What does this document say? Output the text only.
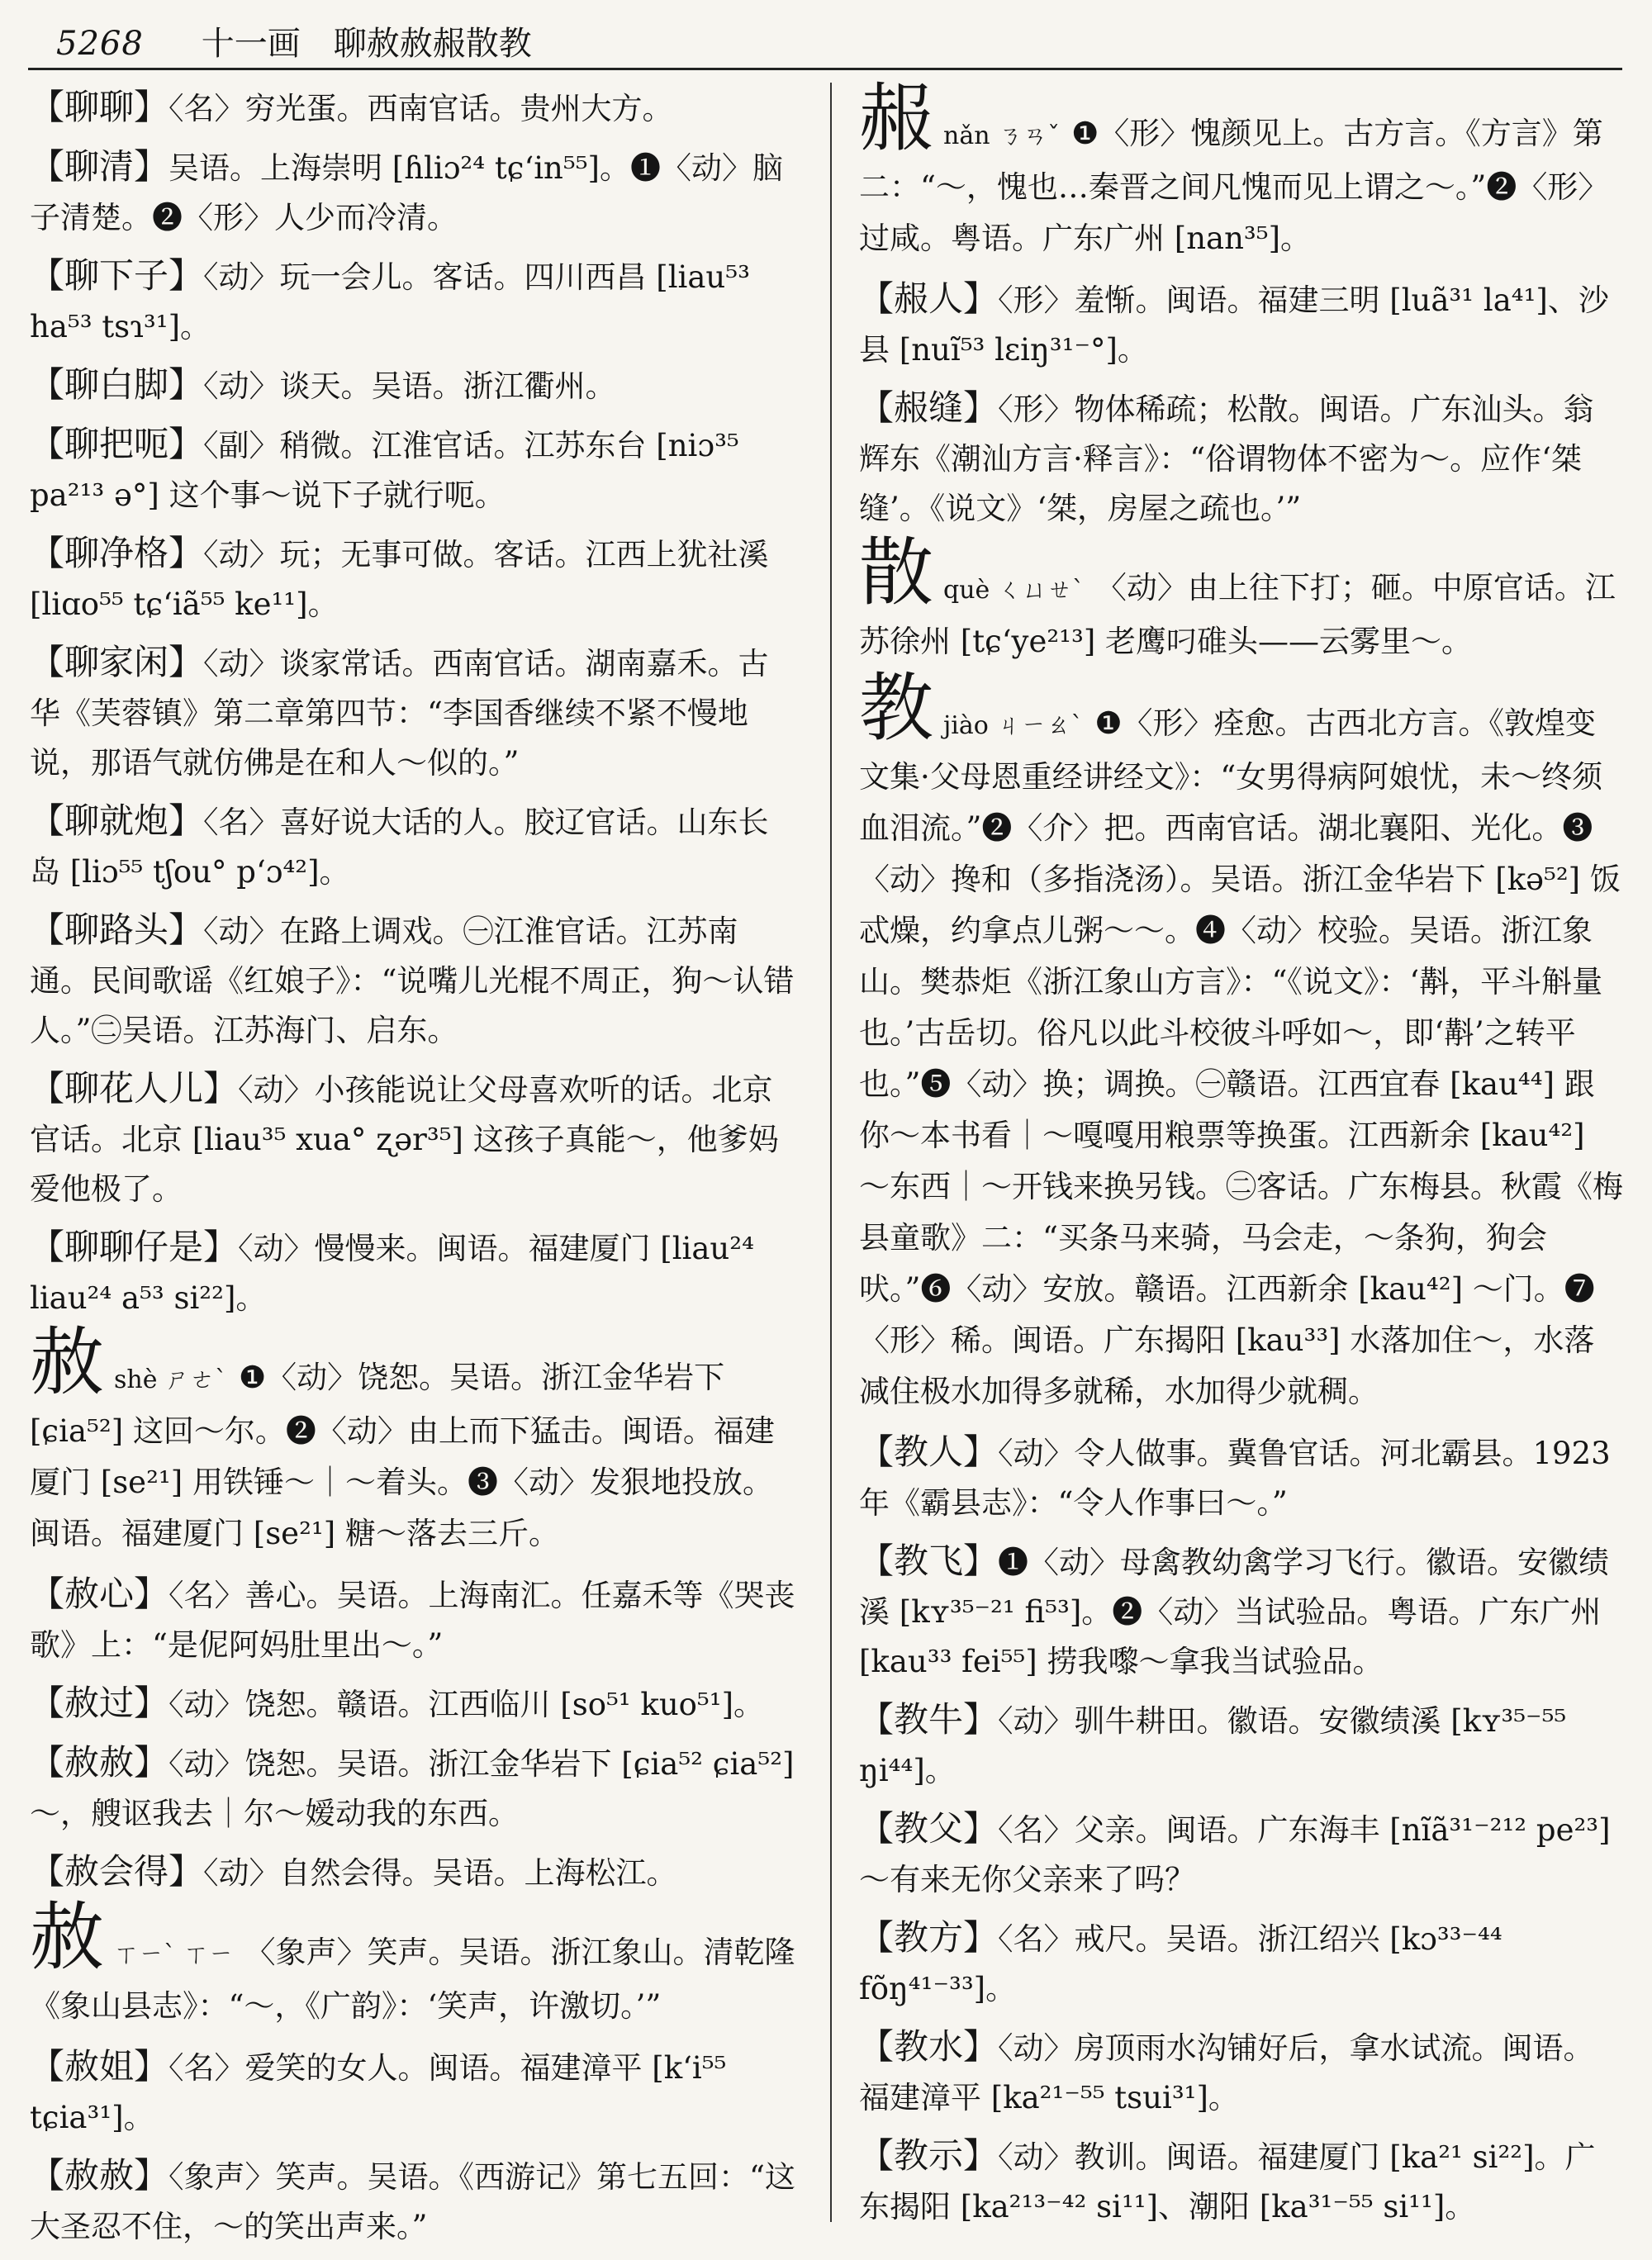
5268 十一画 聊赦赦赧散教
【聊聊】〈名〉穷光蛋。西南官话。贵州大方。
【聊清】吴语。上海崇明 [ɦliɔ²⁴ tɕʻin⁵⁵]。❶〈动〉脑子清楚。❷〈形〉人少而冷清。
【聊下子】〈动〉玩一会儿。客话。四川西昌 [liau⁵³ ha⁵³ tsɿ³¹]。
【聊白脚】〈动〉谈天。吴语。浙江衢州。
【聊把呃】〈副〉稍微。江淮官话。江苏东台 [niɔ³⁵ pa²¹³ ə°] 这个事～说下子就行呃。
【聊净格】〈动〉玩；无事可做。客话。江西上犹社溪 [liɑo⁵⁵ tɕʻiã⁵⁵ ke¹¹]。
【聊家闲】〈动〉谈家常话。西南官话。湖南嘉禾。古华《芙蓉镇》第二章第四节：“李国香继续不紧不慢地说，那语气就仿佛是在和人～似的。”
【聊就炮】〈名〉喜好说大话的人。胶辽官话。山东长岛 [liɔ⁵⁵ tʃou° pʻɔ⁴²]。
【聊路头】〈动〉在路上调戏。㊀江淮官话。江苏南通。民间歌谣《红娘子》：“说嘴儿光棍不周正，狗～认错人。”㊁吴语。江苏海门、启东。
【聊花人儿】〈动〉小孩能说让父母喜欢听的话。北京官话。北京 [liau³⁵ xua° ʐər³⁵] 这孩子真能～，他爹妈爱他极了。
【聊聊仔是】〈动〉慢慢来。闽语。福建厦门 [liau²⁴ liau²⁴ a⁵³ si²²]。
赦shè ㄕㄜˋ ❶〈动〉饶恕。吴语。浙江金华岩下 [ɕia⁵²] 这回～尔。❷〈动〉由上而下猛击。闽语。福建厦门 [se²¹] 用铁锤～｜～着头。❸〈动〉发狠地投放。闽语。福建厦门 [se²¹] 糖～落去三斤。
【赦心】〈名〉善心。吴语。上海南汇。任嘉禾等《哭丧歌》上：“是伲阿妈肚里出～。”
【赦过】〈动〉饶恕。赣语。江西临川 [so⁵¹ kuo⁵¹]。
【赦赦】〈动〉饶恕。吴语。浙江金华岩下 [ɕia⁵² ɕia⁵²] ～，艘讴我去｜尔～嫒动我的东西。
【赦会得】〈动〉自然会得。吴语。上海松江。
赦ㄒㄧˋ ㄒㄧ 〈象声〉笑声。吴语。浙江象山。清乾隆《象山县志》：“～，《广韵》：‘笑声，许激切。’”
【赦姐】〈名〉爱笑的女人。闽语。福建漳平 [kʻi⁵⁵ tɕia³¹]。
【赦赦】〈象声〉笑声。吴语。《西游记》第七五回：“这大圣忍不住，～的笑出声来。”
赧nǎn ㄋㄢˇ ❶〈形〉愧颜见上。古方言。《方言》第二：“～，愧也…秦晋之间凡愧而见上谓之～。”❷〈形〉过咸。粤语。广东广州 [nan³⁵]。
【赧人】〈形〉羞惭。闽语。福建三明 [luã³¹ la⁴¹]、沙县 [nuĩ⁵³ lɛiŋ³¹⁻°]。
【赧缝】〈形〉物体稀疏；松散。闽语。广东汕头。翁辉东《潮汕方言·释言》：“俗谓物体不密为～。应作‘桀缝’。《说文》‘桀，房屋之疏也。’”
散què ㄑㄩㄝˋ 〈动〉由上往下打；砸。中原官话。江苏徐州 [tɕʻye²¹³] 老鹰叼碓头——云雾里～。
教jiào ㄐㄧㄠˋ ❶〈形〉痊愈。古西北方言。《敦煌变文集·父母恩重经讲经文》：“女男得病阿娘忧，未～终须血泪流。”❷〈介〉把。西南官话。湖北襄阳、光化。❸〈动〉搀和（多指浇汤）。吴语。浙江金华岩下 [kə⁵²] 饭忒燥，约拿点儿粥～～。❹〈动〉校验。吴语。浙江象山。樊恭炬《浙江象山方言》：“《说文》：‘斠，平斗斛量也。’古岳切。俗凡以此斗校彼斗呼如～，即‘斠’之转平也。”❺〈动〉换；调换。㊀赣语。江西宜春 [kau⁴⁴] 跟你～本书看｜～嘎嘎用粮票等换蛋。江西新余 [kau⁴²] ～东西｜～开钱来换另钱。㊁客话。广东梅县。秋霞《梅县童歌》二：“买条马来骑，马会走，～条狗，狗会吠。”❻〈动〉安放。赣语。江西新余 [kau⁴²] ～门。❼〈形〉稀。闽语。广东揭阳 [kau³³] 水落加住～，水落减住极水加得多就稀，水加得少就稠。
【教人】〈动〉令人做事。冀鲁官话。河北霸县。1923年《霸县志》：“令人作事曰～。”
【教飞】❶〈动〉母禽教幼禽学习飞行。徽语。安徽绩溪 [kʏ³⁵⁻²¹ fi⁵³]。❷〈动〉当试验品。粤语。广东广州 [kau³³ fei⁵⁵] 捞我嚟～拿我当试验品。
【教牛】〈动〉驯牛耕田。徽语。安徽绩溪 [kʏ³⁵⁻⁵⁵ ŋi⁴⁴]。
【教父】〈名〉父亲。闽语。广东海丰 [nĩã³¹⁻²¹² pe²³] ～有来无你父亲来了吗？
【教方】〈名〉戒尺。吴语。浙江绍兴 [kɔ³³⁻⁴⁴ fõŋ⁴¹⁻³³]。
【教水】〈动〉房顶雨水沟铺好后，拿水试流。闽语。福建漳平 [ka²¹⁻⁵⁵ tsui³¹]。
【教示】〈动〉教训。闽语。福建厦门 [ka²¹ si²²]。广东揭阳 [ka²¹³⁻⁴² si¹¹]、潮阳 [ka³¹⁻⁵⁵ si¹¹]。
